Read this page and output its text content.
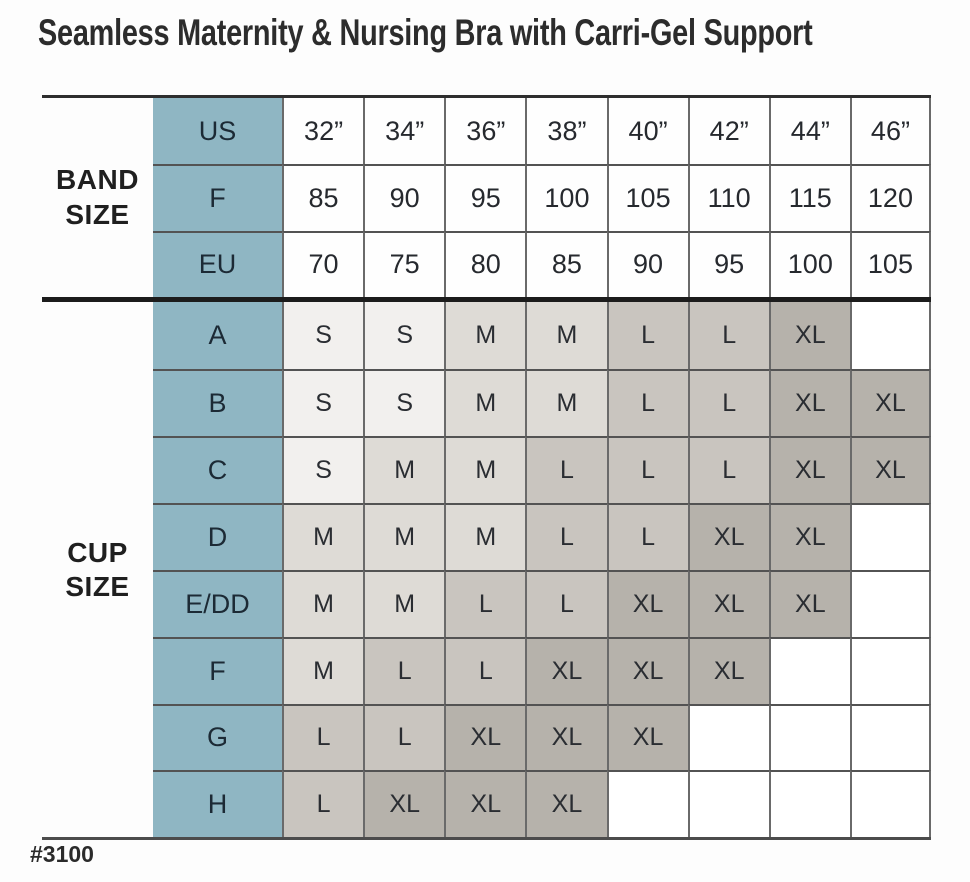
Seamless Maternity & Nursing Bra with Carri-Gel Support
BAND SIZE
CUP SIZE
US	32”	34”	36”	38”	40”	42”	44”	46”
F	85	90	95	100	105	110	115	120
EU	70	75	80	85	90	95	100	105
A	S	S	M	M	L	L	XL
B	S	S	M	M	L	L	XL	XL
C	S	M	M	L	L	L	XL	XL
D	M	M	M	L	L	XL	XL
E/DD	M	M	L	L	XL	XL	XL
F	M	L	L	XL	XL	XL
G	L	L	XL	XL	XL
H	L	XL	XL	XL
#3100
